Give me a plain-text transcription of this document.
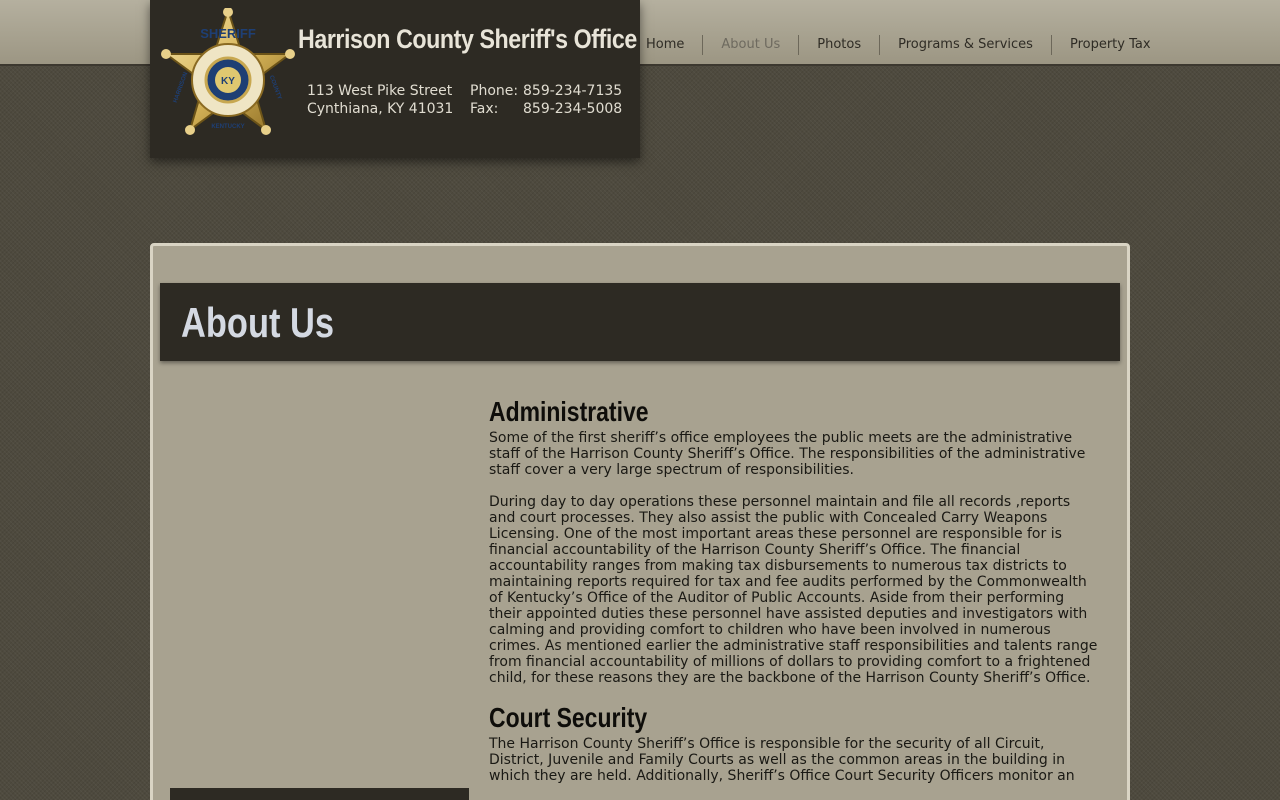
Home	About Us	Photos	Programs & Services	Property Tax
KY
SHERIFF
KENTUCKY
HARRISON	COUNTY
Harrison County Sheriff's Office
113 West Pike Street
Cynthiana, KY 41031
Phone: 859-234-7135
Fax:	859-234-5008
About Us
Administrative

Some of the first sheriff’s office employees the public meets are the administrative staff of the Harrison County Sheriff’s Office. The responsibilities of the administrative staff cover a very large spectrum of responsibilities.

During day to day operations these personnel maintain and file all records ,reports and court processes. They also assist the public with Concealed Carry Weapons Licensing. One of the most important areas these personnel are responsible for is financial accountability of the Harrison County Sheriff’s Office. The financial accountability ranges from making tax disbursements to numerous tax districts to maintaining reports required for tax and fee audits performed by the Commonwealth of Kentucky’s Office of the Auditor of Public Accounts. Aside from their performing their appointed duties these personnel have assisted deputies and investigators with calming and providing comfort to children who have been involved in numerous crimes. As mentioned earlier the administrative staff responsibilities and talents range from financial accountability of millions of dollars to providing comfort to a frightened child, for these reasons they are the backbone of the Harrison County Sheriff’s Office.

Court Security

The Harrison County Sheriff’s Office is responsible for the security of all Circuit, District, Juvenile and Family Courts as well as the common areas in the building in which they are held. Additionally, Sheriff’s Office Court Security Officers monitor an
